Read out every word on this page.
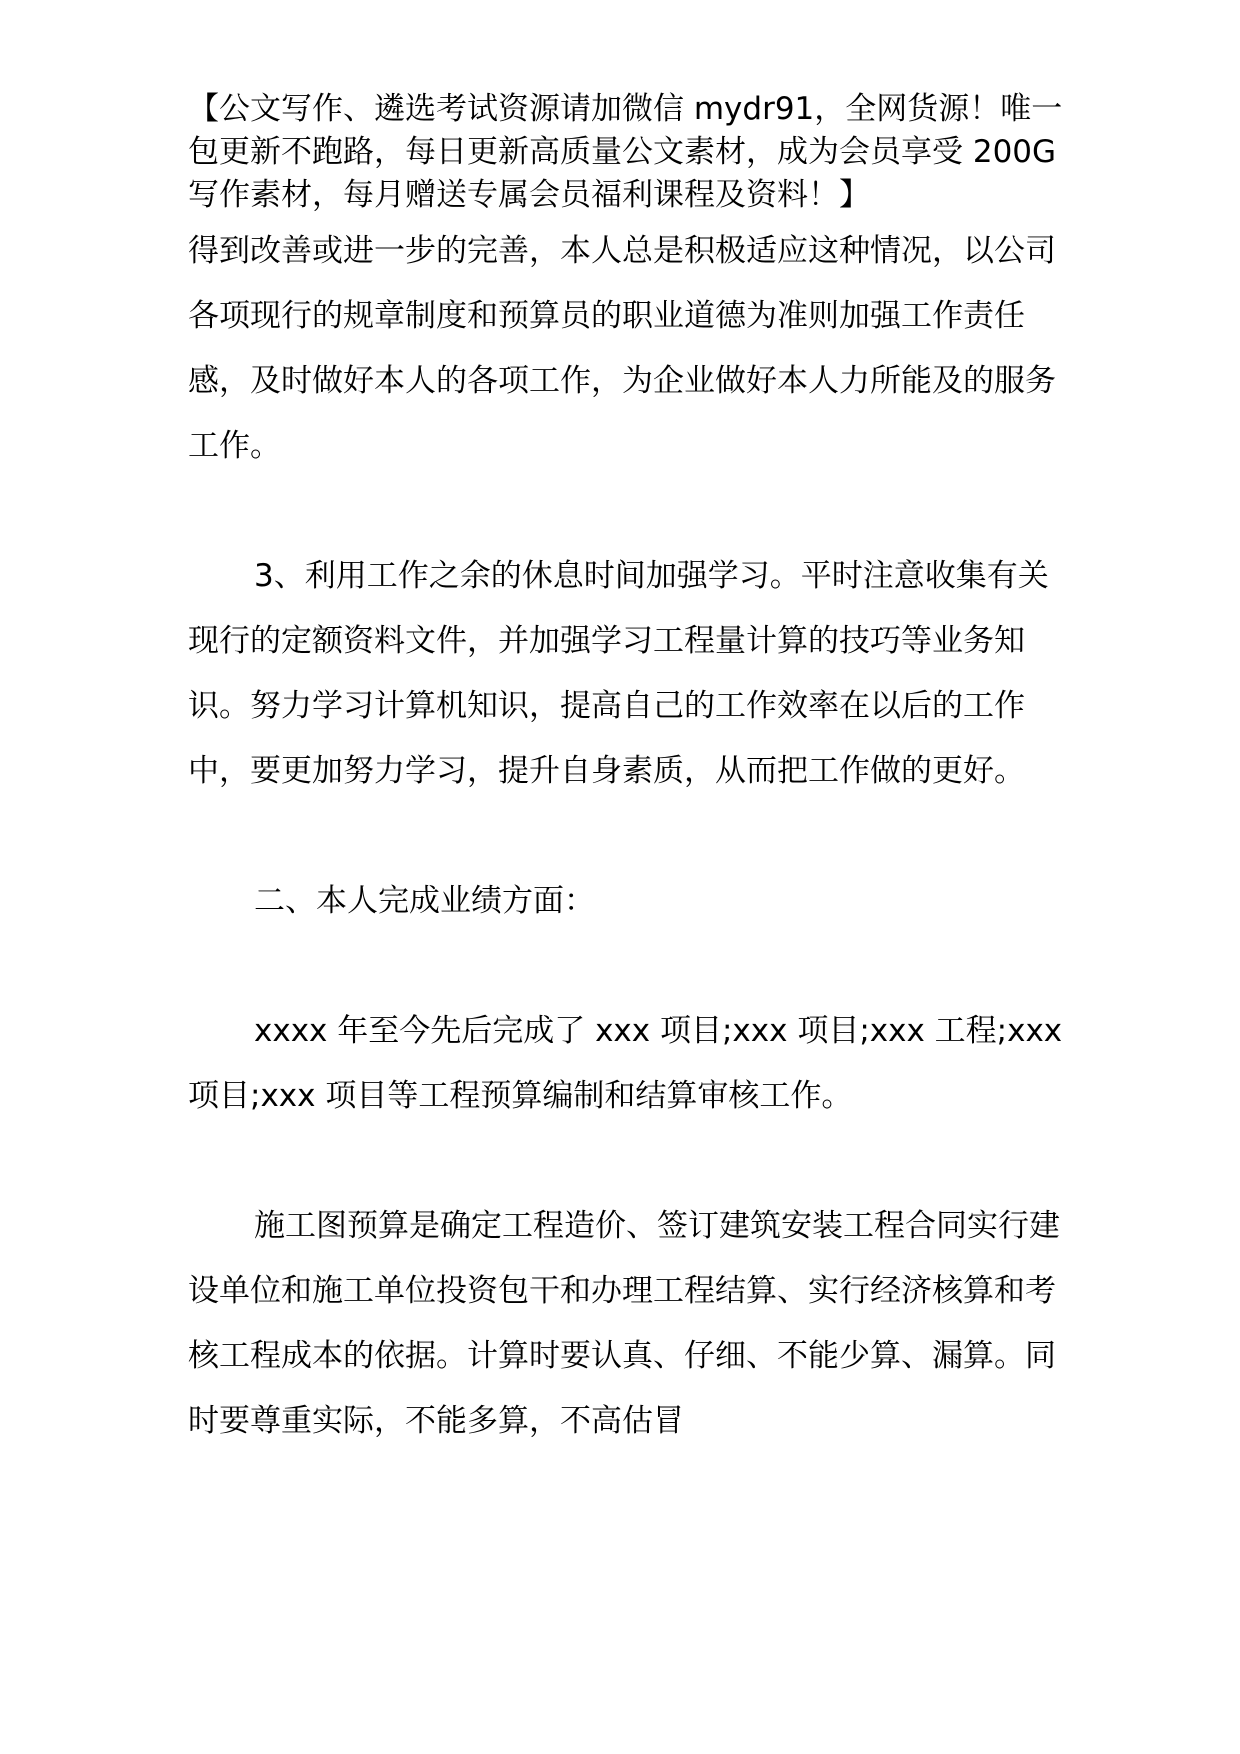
【公文写作、遴选考试资源请加微信 mydr91，全网货源！唯一包更新不跑路，每日更新高质量公文素材，成为会员享受 200G 写作素材，每月赠送专属会员福利课程及资料！】

得到改善或进一步的完善，本人总是积极适应这种情况，以公司各项现行的规章制度和预算员的职业道德为准则加强工作责任感，及时做好本人的各项工作，为企业做好本人力所能及的服务工作。

3、利用工作之余的休息时间加强学习。平时注意收集有关现行的定额资料文件，并加强学习工程量计算的技巧等业务知识。努力学习计算机知识，提高自己的工作效率在以后的工作中，要更加努力学习，提升自身素质，从而把工作做的更好。

二、本人完成业绩方面：

xxxx 年至今先后完成了 xxx 项目;xxx 项目;xxx 工程;xxx 项目;xxx 项目等工程预算编制和结算审核工作。

施工图预算是确定工程造价、签订建筑安装工程合同实行建设单位和施工单位投资包干和办理工程结算、实行经济核算和考核工程成本的依据。计算时要认真、仔细、不能少算、漏算。同时要尊重实际，不能多算，不高估冒
